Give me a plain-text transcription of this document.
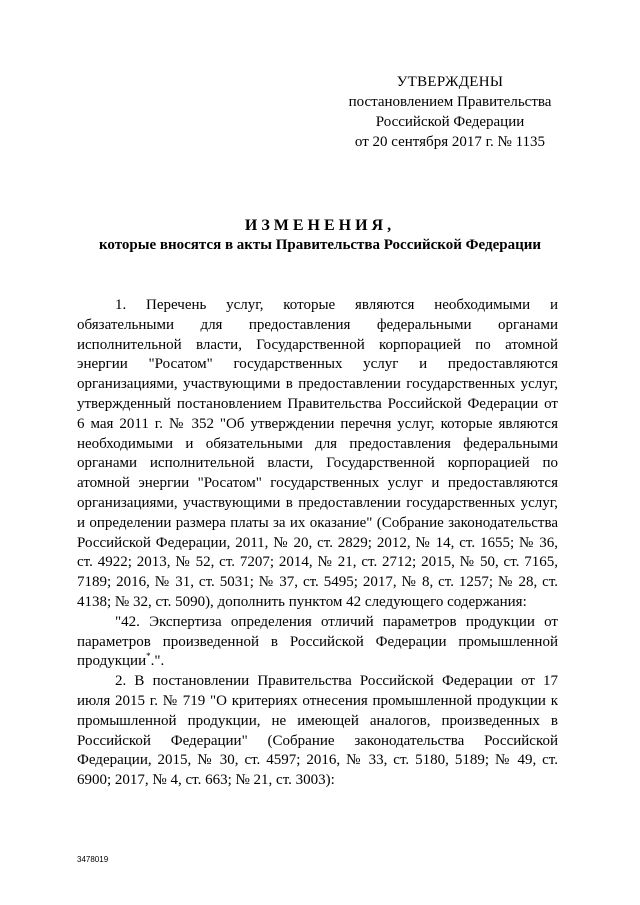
УТВЕРЖДЕНЫ
постановлением Правительства
Российской Федерации
от 20 сентября 2017 г. № 1135
ИЗМЕНЕНИЯ,
которые вносятся в акты Правительства Российской Федерации

1. Перечень услуг, которые являются необходимыми и обязательными для предоставления федеральными органами исполнительной власти, Государственной корпорацией по атомной энергии "Росатом" государственных услуг и предоставляются организациями, участвующими в предоставлении государственных услуг, утвержденный постановлением Правительства Российской Федерации от 6 мая 2011 г. № 352 "Об утверждении перечня услуг, которые являются необходимыми и обязательными для предоставления федеральными органами исполнительной власти, Государственной корпорацией по атомной энергии "Росатом" государственных услуг и предоставляются организациями, участвующими в предоставлении государственных услуг, и определении размера платы за их оказание" (Собрание законодательства Российской Федерации, 2011, № 20, ст. 2829; 2012, № 14, ст. 1655; № 36, ст. 4922; 2013, № 52, ст. 7207; 2014, № 21, ст. 2712; 2015, № 50, ст. 7165, 7189; 2016, № 31, ст. 5031; № 37, ст. 5495; 2017, № 8, ст. 1257; № 28, ст. 4138; № 32, ст. 5090), дополнить пунктом 42 следующего содержания:

"42. Экспертиза определения отличий параметров продукции от параметров произведенной в Российской Федерации промышленной продукции*.".

2. В постановлении Правительства Российской Федерации от 17 июля 2015 г. № 719 "О критериях отнесения промышленной продукции к промышленной продукции, не имеющей аналогов, произведенных в Российской Федерации" (Собрание законодательства Российской Федерации, 2015, № 30, ст. 4597; 2016, № 33, ст. 5180, 5189; № 49, ст. 6900; 2017, № 4, ст. 663; № 21, ст. 3003):

3478019
